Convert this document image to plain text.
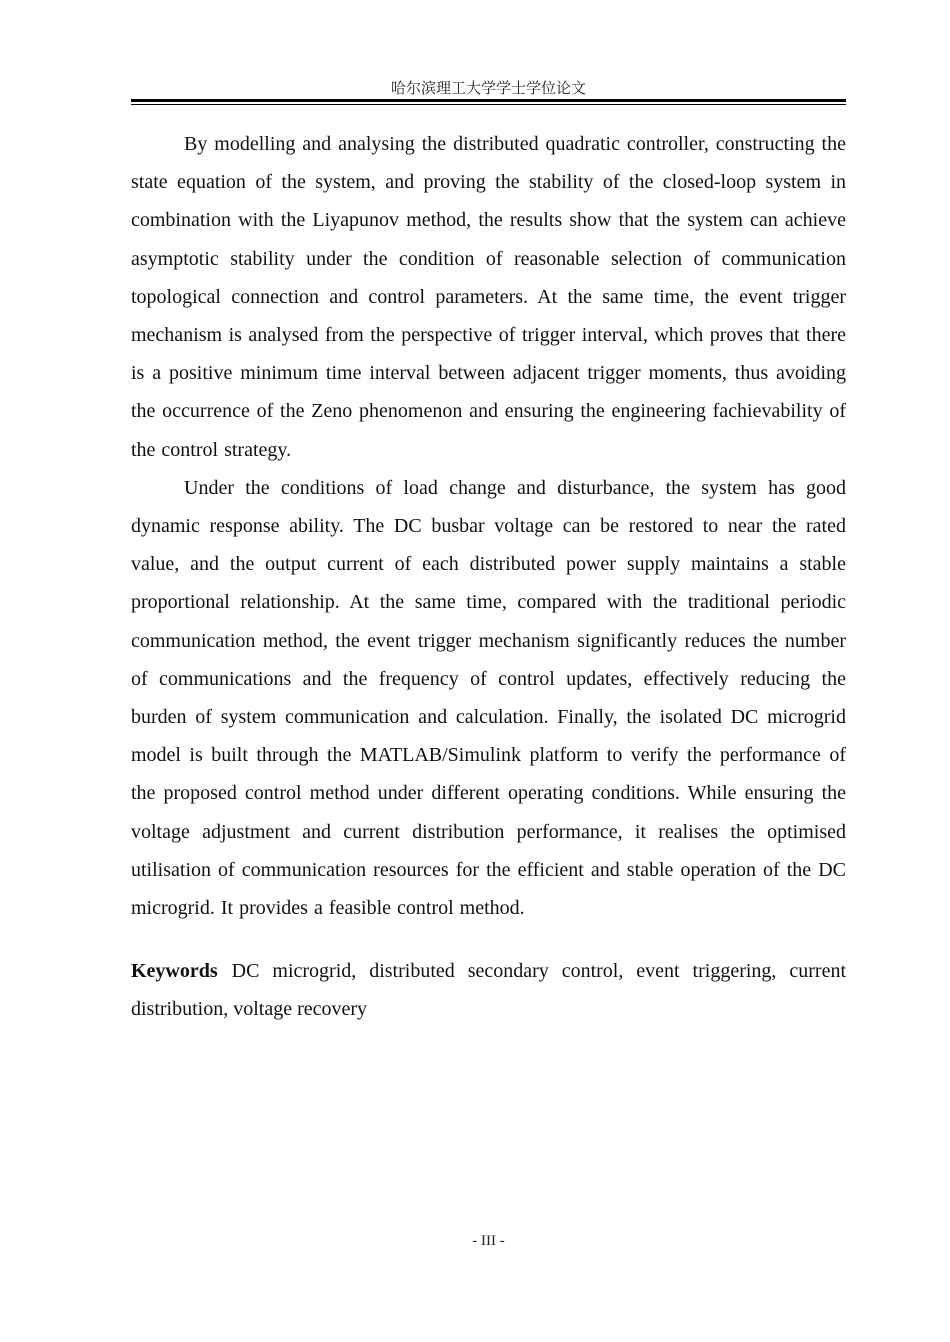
哈尔滨理工大学学士学位论文

By modelling and analysing the distributed quadratic controller, constructing the state equation of the system, and proving the stability of the closed-loop system in combination with the Liyapunov method, the results show that the system can achieve asymptotic stability under the condition of reasonable selection of communication topological connection and control parameters. At the same time, the event trigger mechanism is analysed from the perspective of trigger interval, which proves that there is a positive minimum time interval between adjacent trigger moments, thus avoiding the occurrence of the Zeno phenomenon and ensuring the engineering fachievability of the control strategy.

Under the conditions of load change and disturbance, the system has good dynamic response ability. The DC busbar voltage can be restored to near the rated value, and the output current of each distributed power supply maintains a stable proportional relationship. At the same time, compared with the traditional periodic communication method, the event trigger mechanism significantly reduces the number of communications and the frequency of control updates, effectively reducing the burden of system communication and calculation. Finally, the isolated DC microgrid model is built through the MATLAB/Simulink platform to verify the performance of the proposed control method under different operating conditions. While ensuring the voltage adjustment and current distribution performance, it realises the optimised utilisation of communication resources for the efficient and stable operation of the DC microgrid. It provides a feasible control method.

Keywords DC microgrid, distributed secondary control, event triggering, current distribution, voltage recovery

- III -
